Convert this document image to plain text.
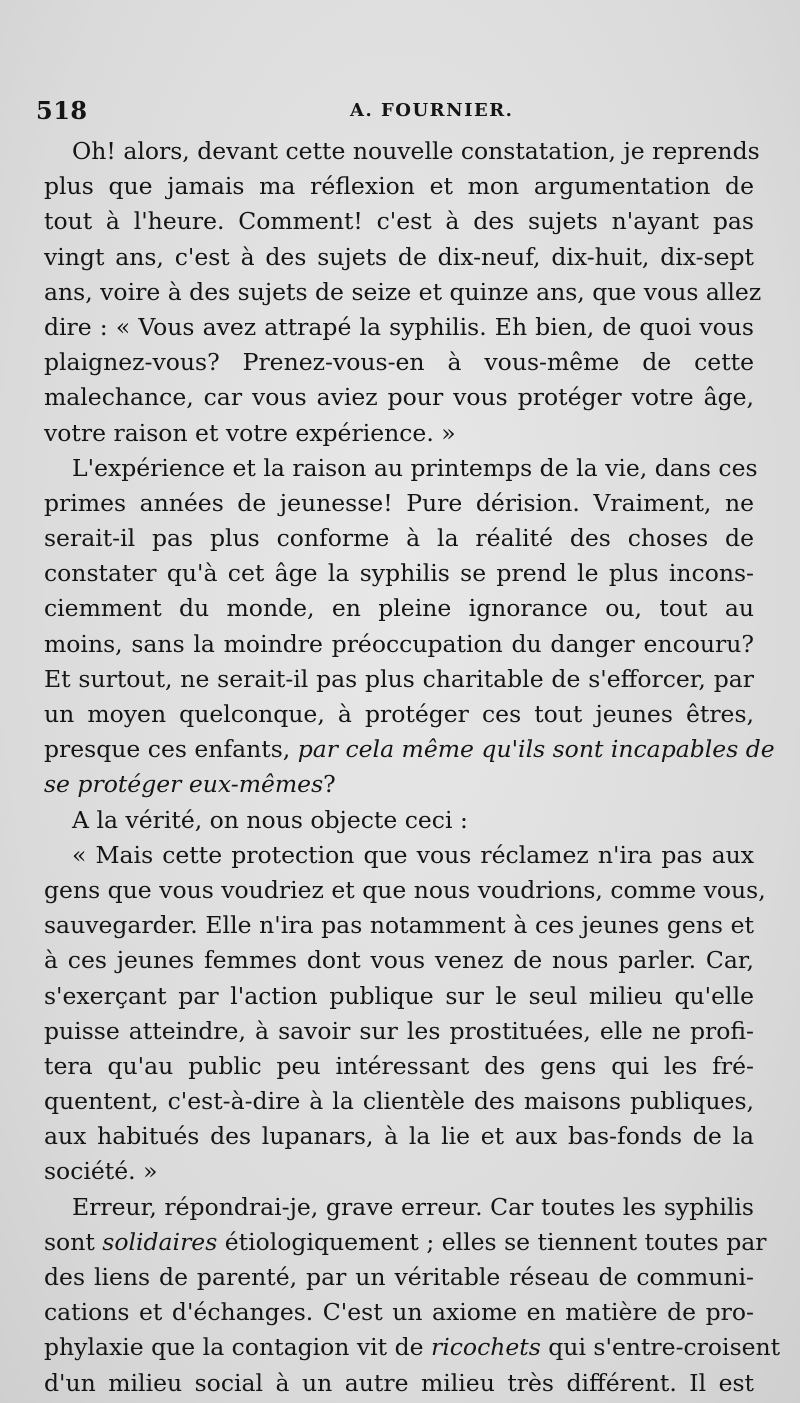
518	A. FOURNIER.
Oh! alors, devant cette nouvelle constatation, je reprends
plus que jamais ma réflexion et mon argumentation de
tout à l'heure. Comment! c'est à des sujets n'ayant pas
vingt ans, c'est à des sujets de dix-neuf, dix-huit, dix-sept
ans, voire à des sujets de seize et quinze ans, que vous allez
dire : « Vous avez attrapé la syphilis. Eh bien, de quoi vous
plaignez-vous? Prenez-vous-en à vous-même de cette
malechance, car vous aviez pour vous protéger votre âge,
votre raison et votre expérience. »
L'expérience et la raison au printemps de la vie, dans ces
primes années de jeunesse! Pure dérision. Vraiment, ne
serait-il pas plus conforme à la réalité des choses de
constater qu'à cet âge la syphilis se prend le plus incons-
ciemment du monde, en pleine ignorance ou, tout au
moins, sans la moindre préoccupation du danger encouru?
Et surtout, ne serait-il pas plus charitable de s'efforcer, par
un moyen quelconque, à protéger ces tout jeunes êtres,
presque ces enfants, par cela même qu'ils sont incapables de
se protéger eux-mêmes?
A la vérité, on nous objecte ceci :
« Mais cette protection que vous réclamez n'ira pas aux
gens que vous voudriez et que nous voudrions, comme vous,
sauvegarder. Elle n'ira pas notamment à ces jeunes gens et
à ces jeunes femmes dont vous venez de nous parler. Car,
s'exerçant par l'action publique sur le seul milieu qu'elle
puisse atteindre, à savoir sur les prostituées, elle ne profi-
tera qu'au public peu intéressant des gens qui les fré-
quentent, c'est-à-dire à la clientèle des maisons publiques,
aux habitués des lupanars, à la lie et aux bas-fonds de la
société. »
Erreur, répondrai-je, grave erreur. Car toutes les syphilis
sont solidaires étiologiquement ; elles se tiennent toutes par
des liens de parenté, par un véritable réseau de communi-
cations et d'échanges. C'est un axiome en matière de pro-
phylaxie que la contagion vit de ricochets qui s'entre-croisent
d'un milieu social à un autre milieu très différent. Il est
